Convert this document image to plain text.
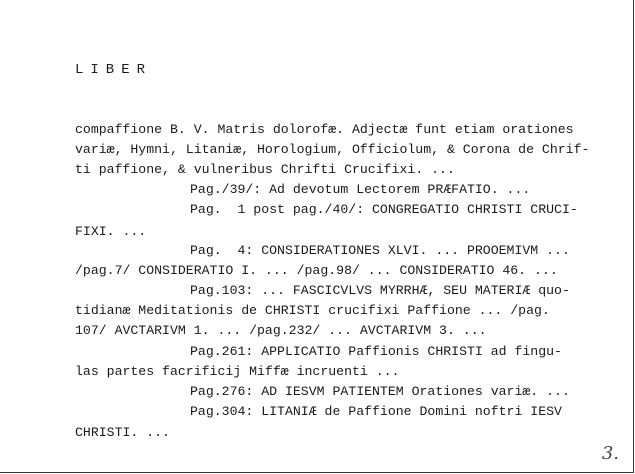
LIBER
compaffione B. V. Matris dolorofæ. Adjectæ funt etiam orationes
variæ, Hymni, Litaniæ, Horologium, Officiolum, & Corona de Chrif-
ti paffione, & vulneribus Chrifti Crucifixi. ...
Pag./39/: Ad devotum Lectorem PRÆFATIO. ...
Pag.  1 post pag./40/: CONGREGATIO CHRISTI CRUCI-
FIXI. ...
Pag.  4: CONSIDERATIONES XLVI. ... PROOEMIVM ...
/pag.7/ CONSIDERATIO I. ... /pag.98/ ... CONSIDERATIO 46. ...
Pag.103: ... FASCICVLVS MYRRHÆ, SEU MATERIÆ quo-
tidianæ Meditationis de CHRISTI crucifixi Paffione ... /pag.
107/ AVCTARIVM 1. ... /pag.232/ ... AVCTARIVM 3. ...
Pag.261: APPLICATIO Paffionis CHRISTI ad fingu-
las partes facrificij Miffæ incruenti ...
Pag.276: AD IESVM PATIENTEM Orationes variæ. ...
Pag.304: LITANIÆ de Paffione Domini noftri IESV
CHRISTI. ...
3.
